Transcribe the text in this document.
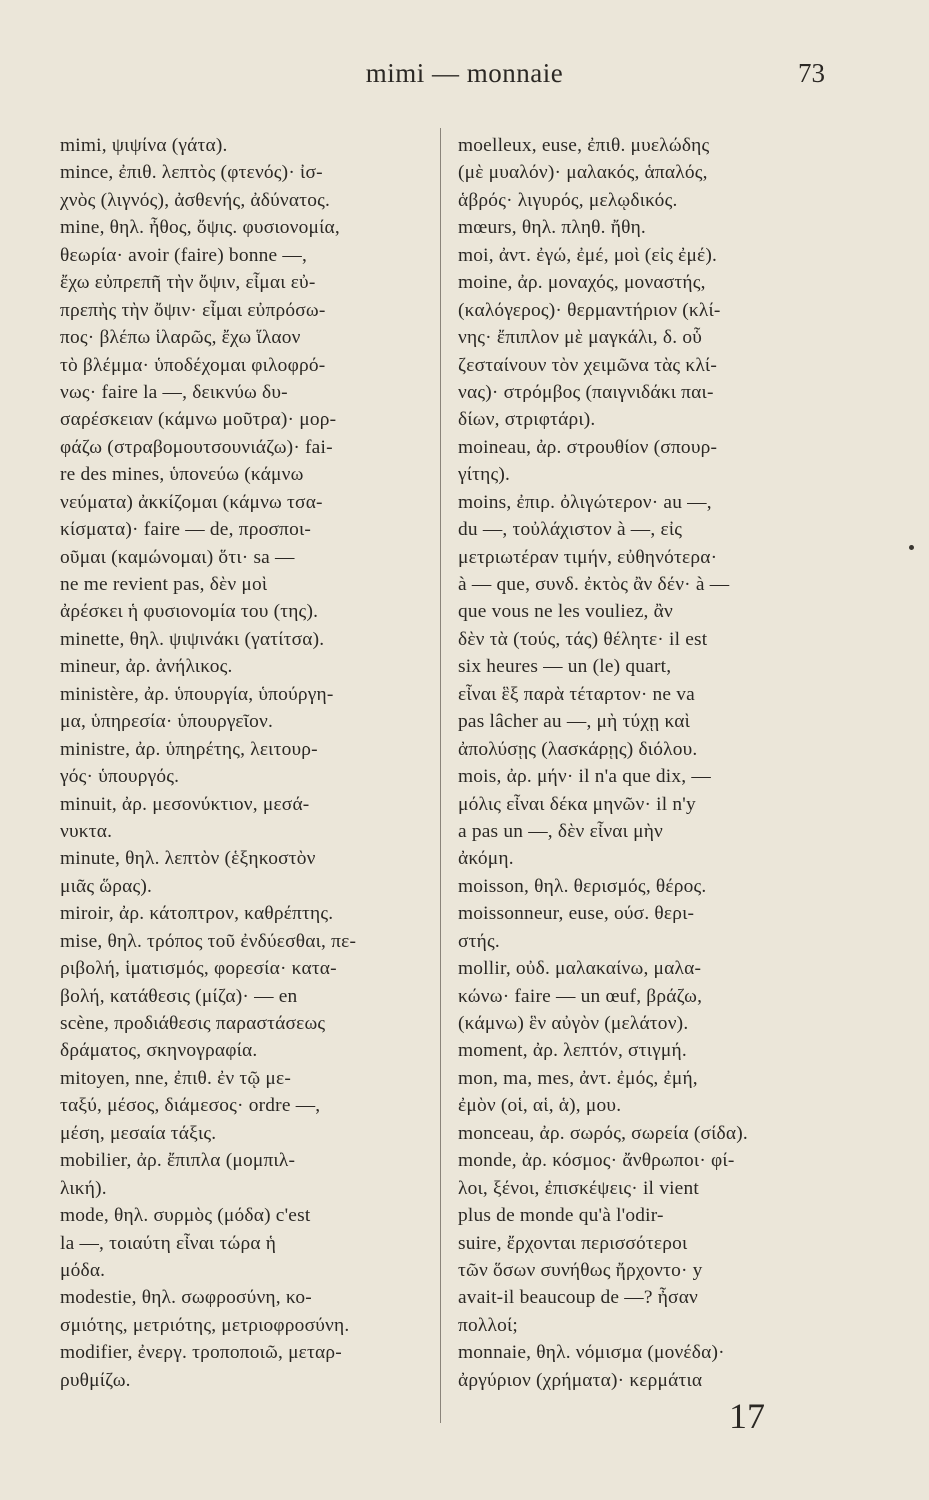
mimi — monnaie	73
mimi, ψιψίνα (γάτα).
mince, ἐπιθ. λεπτὸς (φτενός)· ἰσ-
χνὸς (λιγνός), ἀσθενής, ἀδύνατος.
mine, θηλ. ἦθος, ὄψις. φυσιονομία,
θεωρία· avoir (faire) bonne —,
ἔχω εὐπρεπῆ τὴν ὄψιν, εἶμαι εὐ-
πρεπὴς τὴν ὄψιν· εἶμαι εὐπρόσω-
πος· βλέπω ἱλαρῶς, ἔχω ἵλαον
τὸ βλέμμα· ὑποδέχομαι φιλοφρό-
νως· faire la —, δεικνύω δυ-
σαρέσκειαν (κάμνω μοῦτρα)· μορ-
φάζω (στραβομουτσουνιάζω)· fai-
re des mines, ὑπονεύω (κάμνω
νεύματα) ἀκκίζομαι (κάμνω τσα-
κίσματα)· faire — de, προσποι-
οῦμαι (καμώνομαι) ὅτι· sa —
ne me revient pas, δὲν μοὶ
ἀρέσκει ἡ φυσιονομία του (της).
minette, θηλ. ψιψινάκι (γατίτσα).
mineur, ἀρ. ἀνήλικος.
ministère, ἀρ. ὑπουργία, ὑπούργη-
μα, ὑπηρεσία· ὑπουργεῖον.
ministre, ἀρ. ὑπηρέτης, λειτουρ-
γός· ὑπουργός.
minuit, ἀρ. μεσονύκτιον, μεσά-
νυκτα.
minute, θηλ. λεπτὸν (ἑξηκοστὸν
μιᾶς ὥρας).
miroir, ἀρ. κάτοπτρον, καθρέπτης.
mise, θηλ. τρόπος τοῦ ἐνδύεσθαι, πε-
ριβολή, ἱματισμός, φορεσία· κατα-
βολή, κατάθεσις (μίζα)· — en
scène, προδιάθεσις παραστάσεως
δράματος, σκηνογραφία.
mitoyen, nne, ἐπιθ. ἐν τῷ με-
ταξύ, μέσος, διάμεσος· ordre —,
μέση, μεσαία τάξις.
mobilier, ἀρ. ἔπιπλα (μομπιλ-
λική).
mode, θηλ. συρμὸς (μόδα) c'est
la —, τοιαύτη εἶναι τώρα ἡ
μόδα.
modestie, θηλ. σωφροσύνη, κο-
σμιότης, μετριότης, μετριοφροσύνη.
modifier, ἐνεργ. τροποποιῶ, μεταρ-
ρυθμίζω.
moelleux, euse, ἐπιθ. μυελώδης
(μὲ μυαλόν)· μαλακός, ἁπαλός,
ἁβρός· λιγυρός, μελῳδικός.
mœurs, θηλ. πληθ. ἤθη.
moi, ἀντ. ἐγώ, ἐμέ, μοὶ (εἰς ἐμέ).
moine, ἀρ. μοναχός, μοναστής,
(καλόγερος)· θερμαντήριον (κλί-
νης· ἔπιπλον μὲ μαγκάλι, δ. οὗ
ζεσταίνουν τὸν χειμῶνα τὰς κλί-
νας)· στρόμβος (παιγνιδάκι παι-
δίων, στριφτάρι).
moineau, ἀρ. στρουθίον (σπουρ-
γίτης).
moins, ἐπιρ. ὀλιγώτερον· au —,
du —, τοὐλάχιστον à —, εἰς
μετριωτέραν τιμήν, εὐθηνότερα·
à — que, συνδ. ἐκτὸς ἂν δέν· à —
que vous ne les vouliez, ἂν
δὲν τὰ (τούς, τάς) θέλητε· il est
six heures — un (le) quart,
εἶναι ἓξ παρὰ τέταρτον· ne va
pas lâcher au —, μὴ τύχῃ καὶ
ἀπολύσῃς (λασκάρῃς) διόλου.
mois, ἀρ. μήν· il n'a que dix, —
μόλις εἶναι δέκα μηνῶν· il n'y
a pas un —, δὲν εἶναι μὴν
ἀκόμη.
moisson, θηλ. θερισμός, θέρος.
moissonneur, euse, ούσ. θερι-
στής.
mollir, οὐδ. μαλακαίνω, μαλα-
κώνω· faire — un œuf, βράζω,
(κάμνω) ἓν αὐγὸν (μελάτον).
moment, ἀρ. λεπτόν, στιγμή.
mon, ma, mes, ἀντ. ἐμός, ἐμή,
ἐμὸν (οἱ, αἱ, ἁ), μου.
monceau, ἀρ. σωρός, σωρεία (σίδα).
monde, ἀρ. κόσμος· ἄνθρωποι· φί-
λοι, ξένοι, ἐπισκέψεις· il vient
plus de monde qu'à l'odir-
suire, ἔρχονται περισσότεροι
τῶν ὅσων συνήθως ἤρχοντο· y
avait-il beaucoup de —? ἦσαν
πολλοί;
monnaie, θηλ. νόμισμα (μονέδα)·
ἀργύριον (χρήματα)· κερμάτια
17
